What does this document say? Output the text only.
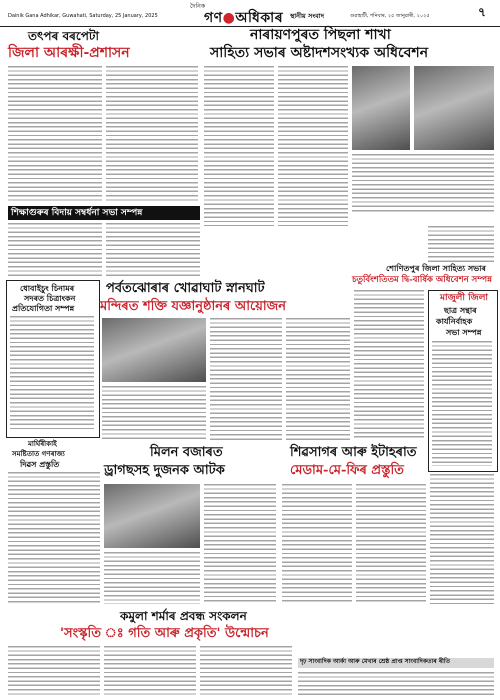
দৈনিক
গণ●অধিকাৰ
Dainik Gana Adhikar, Guwahati, Saturday, 25 January, 2025	স্থানীয় সংবাদ	গুৱাহাটী, শনিবাৰ, ২৫ জানুৱাৰী, ২০২৫	৭
তৎপৰ বৰপেটা
জিলা আৰক্ষী-প্ৰশাসন
নাৰায়ণপুৰত পিছলা শাখা
সাহিত্য সভাৰ অষ্টাদশসংখ্যক অধিবেশন
শিক্ষাগুৰুৰ বিদায় সম্বৰ্ধনা সভা সম্পন্ন
ধোবাইচুং চিনামৰ
সদৰত চিত্ৰাংকন
প্ৰতিযোগিতা সম্পন্ন
পৰ্বতঝোৰাৰ খোৱাঘাট স্নানঘাট
মন্দিৰত শক্তি যজ্ঞানুষ্ঠানৰ আয়োজন
শোণিতপুৰ জিলা সাহিত্য সভাৰ
চতুৰ্বিংশতিতম দ্বি-বাৰ্ষিক অধিবেশন সম্পন্ন
মাজুলী জিলা
ছাত্ৰ সন্থাৰ
কাৰ্যনিৰ্বাহক
সভা সম্পন্ন
মাৰ্ঘিৰীকাই
সমষ্টিতাত গণৰাজ্য
দিৱস প্ৰস্তুতি
মিলন বজাৰত
ড্ৰাগছসহ দুজনক আটক
শিৱসাগৰ আৰু ইটাহৰাত
মেডাম-মে-ফিৰ প্ৰস্তুতি
কমুলা শৰ্মাৰ প্ৰবন্ধ সংকলন
'সংস্কৃতি ঃ গতি আৰু প্ৰকৃতি' উন্মোচন
দৃঢ় সাংবাদিক আৰ্কা আৰু মেখাৰ শ্ৰেষ্ঠ প্ৰাপ্ত সাংবাদিকতাৰ ৰীতি
